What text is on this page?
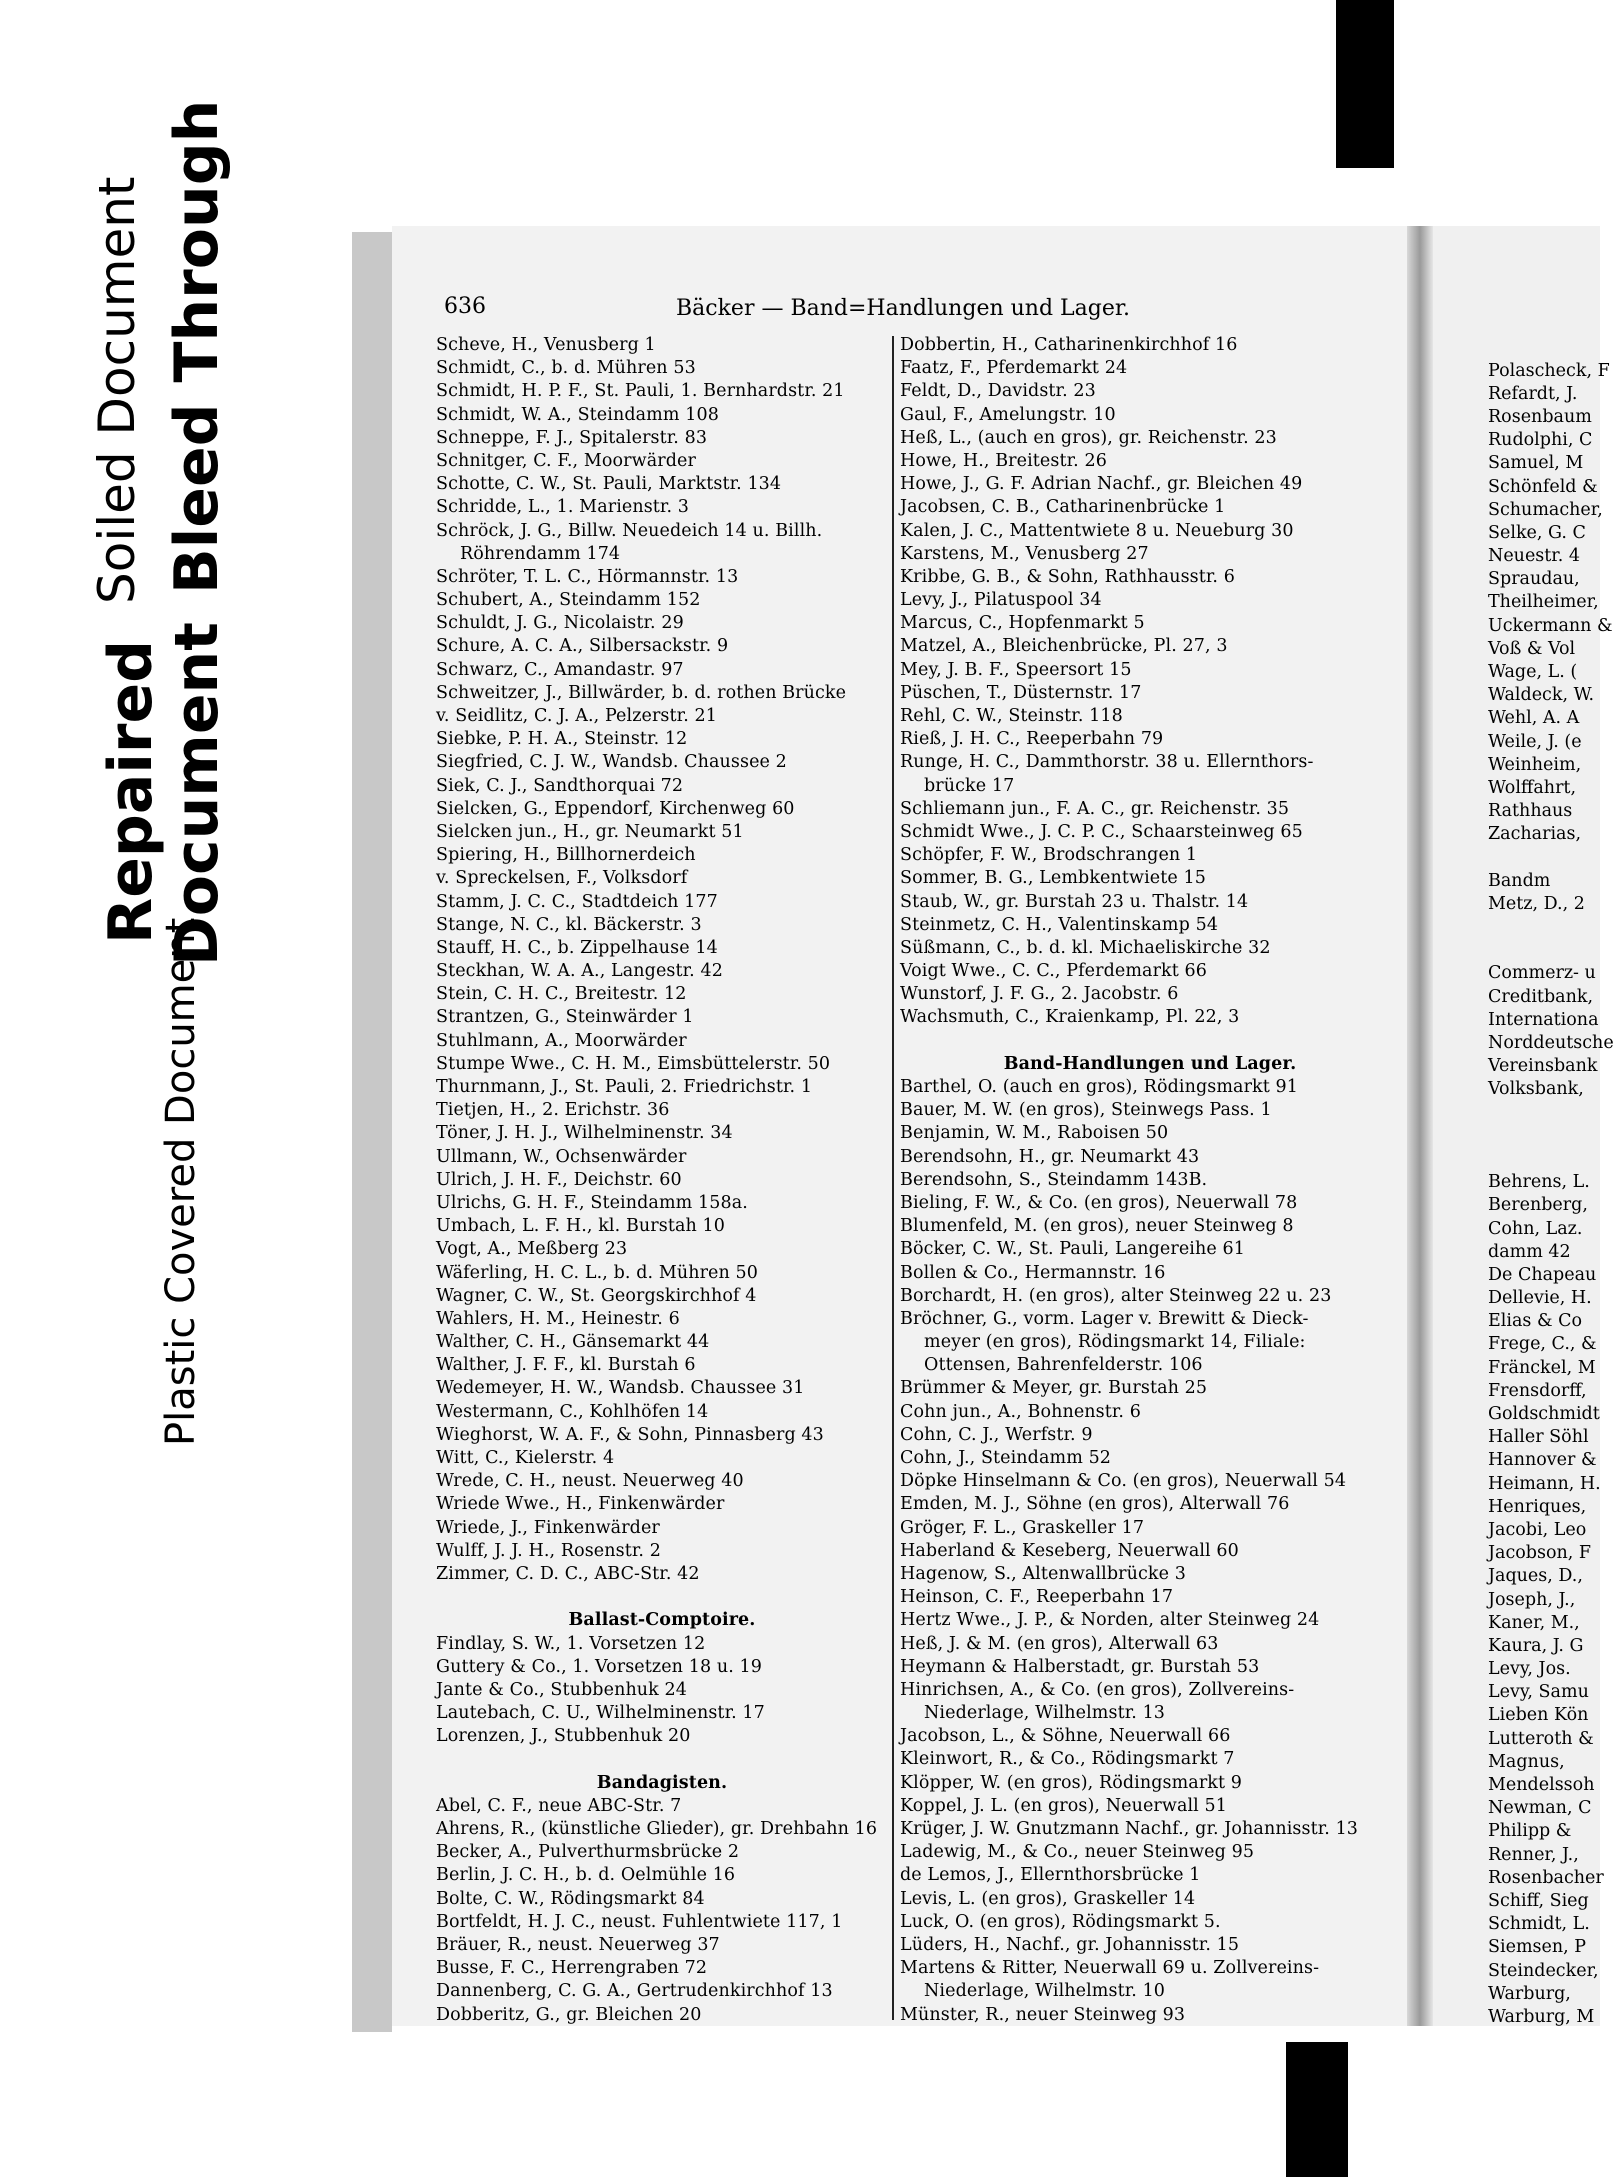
Soiled Document Bleed Through
Repaired
Document
Plastic Covered Document
636	Bäcker — Band=Handlungen und Lager.
Scheve, H., Venusberg 1
Schmidt, C., b. d. Mühren 53
Schmidt, H. P. F., St. Pauli, 1. Bernhardstr. 21
Schmidt, W. A., Steindamm 108
Schneppe, F. J., Spitalerstr. 83
Schnitger, C. F., Moorwärder
Schotte, C. W., St. Pauli, Marktstr. 134
Schridde, L., 1. Marienstr. 3
Schröck, J. G., Billw. Neuedeich 14 u. Billh.
Röhrendamm 174
Schröter, T. L. C., Hörmannstr. 13
Schubert, A., Steindamm 152
Schuldt, J. G., Nicolaistr. 29
Schure, A. C. A., Silbersackstr. 9
Schwarz, C., Amandastr. 97
Schweitzer, J., Billwärder, b. d. rothen Brücke
v. Seidlitz, C. J. A., Pelzerstr. 21
Siebke, P. H. A., Steinstr. 12
Siegfried, C. J. W., Wandsb. Chaussee 2
Siek, C. J., Sandthorquai 72
Sielcken, G., Eppendorf, Kirchenweg 60
Sielcken jun., H., gr. Neumarkt 51
Spiering, H., Billhornerdeich
v. Spreckelsen, F., Volksdorf
Stamm, J. C. C., Stadtdeich 177
Stange, N. C., kl. Bäckerstr. 3
Stauff, H. C., b. Zippelhause 14
Steckhan, W. A. A., Langestr. 42
Stein, C. H. C., Breitestr. 12
Strantzen, G., Steinwärder 1
Stuhlmann, A., Moorwärder
Stumpe Wwe., C. H. M., Eimsbüttelerstr. 50
Thurnmann, J., St. Pauli, 2. Friedrichstr. 1
Tietjen, H., 2. Erichstr. 36
Töner, J. H. J., Wilhelminenstr. 34
Ullmann, W., Ochsenwärder
Ulrich, J. H. F., Deichstr. 60
Ulrichs, G. H. F., Steindamm 158a.
Umbach, L. F. H., kl. Burstah 10
Vogt, A., Meßberg 23
Wäferling, H. C. L., b. d. Mühren 50
Wagner, C. W., St. Georgskirchhof 4
Wahlers, H. M., Heinestr. 6
Walther, C. H., Gänsemarkt 44
Walther, J. F. F., kl. Burstah 6
Wedemeyer, H. W., Wandsb. Chaussee 31
Westermann, C., Kohlhöfen 14
Wieghorst, W. A. F., & Sohn, Pinnasberg 43
Witt, C., Kielerstr. 4
Wrede, C. H., neust. Neuerweg 40
Wriede Wwe., H., Finkenwärder
Wriede, J., Finkenwärder
Wulff, J. J. H., Rosenstr. 2
Zimmer, C. D. C., ABC-Str. 42
Ballast-Comptoire.
Findlay, S. W., 1. Vorsetzen 12
Guttery & Co., 1. Vorsetzen 18 u. 19
Jante & Co., Stubbenhuk 24
Lautebach, C. U., Wilhelminenstr. 17
Lorenzen, J., Stubbenhuk 20
Bandagisten.
Abel, C. F., neue ABC-Str. 7
Ahrens, R., (künstliche Glieder), gr. Drehbahn 16
Becker, A., Pulverthurmsbrücke 2
Berlin, J. C. H., b. d. Oelmühle 16
Bolte, C. W., Rödingsmarkt 84
Bortfeldt, H. J. C., neust. Fuhlentwiete 117, 1
Bräuer, R., neust. Neuerweg 37
Busse, F. C., Herrengraben 72
Dannenberg, C. G. A., Gertrudenkirchhof 13
Dobberitz, G., gr. Bleichen 20
Dobbertin, H., Catharinenkirchhof 16
Faatz, F., Pferdemarkt 24
Feldt, D., Davidstr. 23
Gaul, F., Amelungstr. 10
Heß, L., (auch en gros), gr. Reichenstr. 23
Howe, H., Breitestr. 26
Howe, J., G. F. Adrian Nachf., gr. Bleichen 49
Jacobsen, C. B., Catharinenbrücke 1
Kalen, J. C., Mattentwiete 8 u. Neueburg 30
Karstens, M., Venusberg 27
Kribbe, G. B., & Sohn, Rathhausstr. 6
Levy, J., Pilatuspool 34
Marcus, C., Hopfenmarkt 5
Matzel, A., Bleichenbrücke, Pl. 27, 3
Mey, J. B. F., Speersort 15
Püschen, T., Düsternstr. 17
Rehl, C. W., Steinstr. 118
Rieß, J. H. C., Reeperbahn 79
Runge, H. C., Dammthorstr. 38 u. Ellernthors-
brücke 17
Schliemann jun., F. A. C., gr. Reichenstr. 35
Schmidt Wwe., J. C. P. C., Schaarsteinweg 65
Schöpfer, F. W., Brodschrangen 1
Sommer, B. G., Lembkentwiete 15
Staub, W., gr. Burstah 23 u. Thalstr. 14
Steinmetz, C. H., Valentinskamp 54
Süßmann, C., b. d. kl. Michaeliskirche 32
Voigt Wwe., C. C., Pferdemarkt 66
Wunstorf, J. F. G., 2. Jacobstr. 6
Wachsmuth, C., Kraienkamp, Pl. 22, 3
Band-Handlungen und Lager.
Barthel, O. (auch en gros), Rödingsmarkt 91
Bauer, M. W. (en gros), Steinwegs Pass. 1
Benjamin, W. M., Raboisen 50
Berendsohn, H., gr. Neumarkt 43
Berendsohn, S., Steindamm 143B.
Bieling, F. W., & Co. (en gros), Neuerwall 78
Blumenfeld, M. (en gros), neuer Steinweg 8
Böcker, C. W., St. Pauli, Langereihe 61
Bollen & Co., Hermannstr. 16
Borchardt, H. (en gros), alter Steinweg 22 u. 23
Bröchner, G., vorm. Lager v. Brewitt & Dieck-
meyer (en gros), Rödingsmarkt 14, Filiale:
Ottensen, Bahrenfelderstr. 106
Brümmer & Meyer, gr. Burstah 25
Cohn jun., A., Bohnenstr. 6
Cohn, C. J., Werfstr. 9
Cohn, J., Steindamm 52
Döpke Hinselmann & Co. (en gros), Neuerwall 54
Emden, M. J., Söhne (en gros), Alterwall 76
Gröger, F. L., Graskeller 17
Haberland & Keseberg, Neuerwall 60
Hagenow, S., Altenwallbrücke 3
Heinson, C. F., Reeperbahn 17
Hertz Wwe., J. P., & Norden, alter Steinweg 24
Heß, J. & M. (en gros), Alterwall 63
Heymann & Halberstadt, gr. Burstah 53
Hinrichsen, A., & Co. (en gros), Zollvereins-
Niederlage, Wilhelmstr. 13
Jacobson, L., & Söhne, Neuerwall 66
Kleinwort, R., & Co., Rödingsmarkt 7
Klöpper, W. (en gros), Rödingsmarkt 9
Koppel, J. L. (en gros), Neuerwall 51
Krüger, J. W. Gnutzmann Nachf., gr. Johannisstr. 13
Ladewig, M., & Co., neuer Steinweg 95
de Lemos, J., Ellernthorsbrücke 1
Levis, L. (en gros), Graskeller 14
Luck, O. (en gros), Rödingsmarkt 5.
Lüders, H., Nachf., gr. Johannisstr. 15
Martens & Ritter, Neuerwall 69 u. Zollvereins-
Niederlage, Wilhelmstr. 10
Münster, R., neuer Steinweg 93
Polascheck, F
Refardt, J.
Rosenbaum
Rudolphi, C
Samuel, M
Schönfeld &
Schumacher,
Selke, G. C
Neuestr. 4
Spraudau,
Theilheimer,
Uckermann &
Voß & Vol
Wage, L. (
Waldeck, W.
Wehl, A. A
Weile, J. (e
Weinheim,
Wolffahrt,
Rathhaus
Zacharias,
Bandm
Metz, D., 2
Commerz- u
Creditbank,
Internationa
Norddeutsche
Vereinsbank
Volksbank,
Behrens, L.
Berenberg,
Cohn, Laz.
damm 42
De Chapeau
Dellevie, H.
Elias & Co
Frege, C., &
Fränckel, M
Frensdorff,
Goldschmidt
Haller Söhl
Hannover &
Heimann, H.
Henriques,
Jacobi, Leo
Jacobson, F
Jaques, D.,
Joseph, J.,
Kaner, M.,
Kaura, J. G
Levy, Jos.
Levy, Samu
Lieben Kön
Lutteroth &
Magnus,
Mendelssoh
Newman, C
Philipp &
Renner, J.,
Rosenbacher
Schiff, Sieg
Schmidt, L.
Siemsen, P
Steindecker,
Warburg,
Warburg, M
